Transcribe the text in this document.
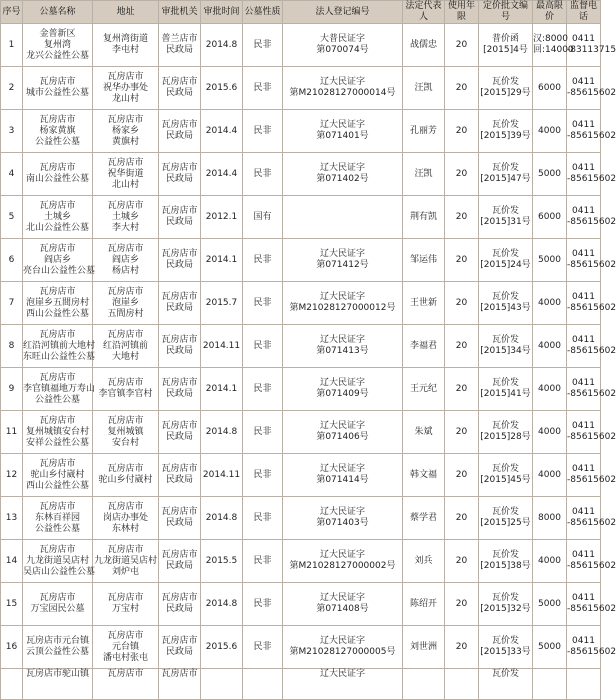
序号	公墓名称	地址	审批机关	审批时间	公墓性质	法人登记编号	法定代表人	使用年限	定价批文编号	最高限价	监督电话
1	金普新区
复州湾
龙兴公益性公墓	复州湾街道
李屯村	普兰店市
民政局	2014.8	民非	大普民证字
第070074号	战儒忠	20	普价函
[2015]4号	汉:8000
回:14000	0411
-83113715

2	瓦房店市
城市公益性公墓	瓦房店市
祝华办事处
龙山村	瓦房店市
民政局	2015.6	民非	辽大民证字
第M21028127000014号	汪凯	20	瓦价发
[2015]29号	6000	0411
-85615602

3	瓦房店市
杨家黄旗
公益性公墓	瓦房店市
杨家乡
黄旗村	瓦房店市
民政局	2014.4	民非	辽大民证字
第071401号	孔丽芳	20	瓦价发
[2015]39号	4000	0411
-85615602

4	瓦房店市
南山公益性公墓	瓦房店市
祝华街道
北山村	瓦房店市
民政局	2014.4	民非	辽大民证字
第071402号	汪凯	20	瓦价发
[2015]47号	5000	0411
-85615602

5	瓦房店市
土城乡
北山公益性公墓	瓦房店市
土城乡
李大村	瓦房店市
民政局	2012.1	国有		荆有凯	20	瓦价发
[2015]31号	6000	0411
-85615602

6	瓦房店市
阎店乡
亮台山公益性公墓	瓦房店市
阎店乡
杨店村	瓦房店市
民政局	2014.1	民非	辽大民证字
第071412号	邹运伟	20	瓦价发
[2015]24号	5000	0411
-85615602

7	瓦房店市
泡崖乡五間房村
西山公益性公墓	瓦房店市
泡崖乡
五間房村	瓦房店市
民政局	2015.7	民非	辽大民证字
第M21028127000012号	王世新	20	瓦价发
[2015]43号	4000	0411
-85615602

8	瓦房店市
红沿河镇前大地村
东旺山公益性公墓	瓦房店市
红沿河镇前
大地村	瓦房店市
民政局	2014.11	民非	辽大民证字
第071413号	李福君	20	瓦价发
[2015]34号	4000	0411
-85615602

9	瓦房店市
李官镇福地万寿山
公益性公墓	瓦房店市
李官镇李官村	瓦房店市
民政局	2014.1	民非	辽大民证字
第071409号	王元纪	20	瓦价发
[2015]41号	4000	0411
-85615602

11	瓦房店市
复州城镇安台村
安祥公益性公墓	瓦房店市
复州城镇
安台村	瓦房店市
民政局	2014.8	民非	辽大民证字
第071406号	朱斌	20	瓦价发
[2015]28号	4000	0411
-85615602

12	瓦房店市
驼山乡付崴村
西山公益性公墓	瓦房店市
驼山乡付崴村	瓦房店市
民政局	2014.11	民非	辽大民证字
第071414号	韩文福	20	瓦价发
[2015]45号	4000	0411
-85615602

13	瓦房店市
东林百祥园
公益性公墓	瓦房店市
岗店办事处
东林村	瓦房店市
民政局	2014.8	民非	辽大民证字
第071403号	蔡学君	20	瓦价发
[2015]25号	8000	0411
-85615602

14	瓦房店市
九龙街道吴店村
吴店山公益性公墓	瓦房店市
九龙街道吴店村
刘炉屯	瓦房店市
民政局	2015.5	民非	辽大民证字
第M21028127000002号	刘兵	20	瓦价发
[2015]38号	4000	0411
-85615602

15	瓦房店市
万宝园民公墓	瓦房店市
万宝村	瓦房店市
民政局	2014.8	民非	辽大民证字
第071408号	陈绍开	20	瓦价发
[2015]32号	5000	0411
-85615602

16	瓦房店市元台镇
云顶公益性公墓	瓦房店市
元台镇
潘屯村张屯	瓦房店市
民政局	2015.6	民非	辽大民证字
第M21028127000005号	刘世洲	20	瓦价发
[2015]33号	5000	0411
-85615602

	瓦房店市驼山镇	瓦房店市	瓦房店市			辽大民证字			瓦价发		
